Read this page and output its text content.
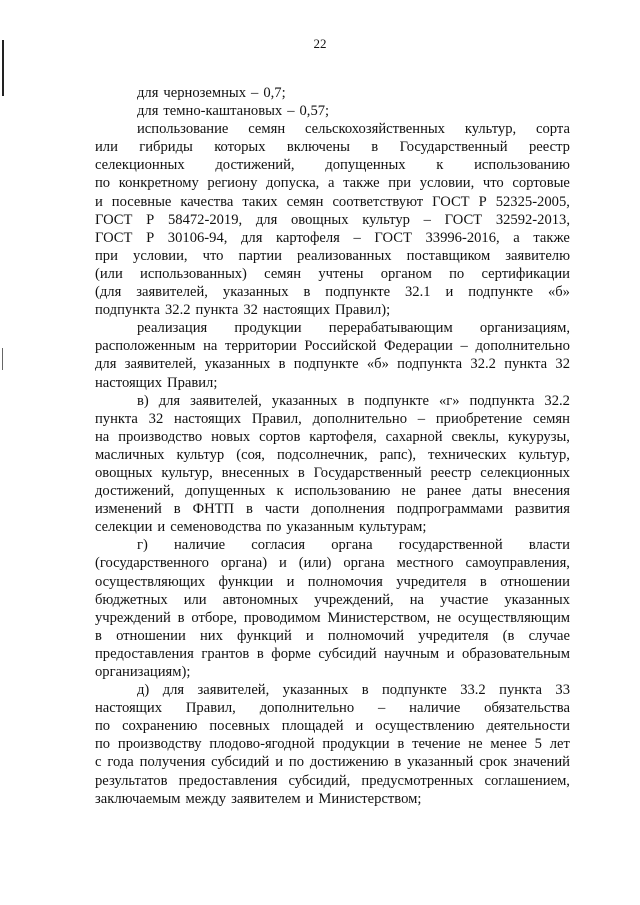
22
для черноземных – 0,7;
для темно-каштановых – 0,57;
использование семян сельскохозяйственных культур, сорта
или гибриды которых включены в Государственный реестр
селекционных достижений, допущенных к использованию
по конкретному региону допуска, а также при условии, что сортовые
и посевные качества таких семян соответствуют ГОСТ Р 52325-2005,
ГОСТ Р 58472-2019, для овощных культур – ГОСТ 32592-2013,
ГОСТ Р 30106-94, для картофеля – ГОСТ 33996-2016, а также
при условии, что партии реализованных поставщиком заявителю
(или использованных) семян учтены органом по сертификации
(для заявителей, указанных в подпункте 32.1 и подпункте «б»
подпункта 32.2 пункта 32 настоящих Правил);
реализация продукции перерабатывающим организациям,
расположенным на территории Российской Федерации – дополнительно
для заявителей, указанных в подпункте «б» подпункта 32.2 пункта 32
настоящих Правил;
в) для заявителей, указанных в подпункте «г» подпункта 32.2
пункта 32 настоящих Правил, дополнительно – приобретение семян
на производство новых сортов картофеля, сахарной свеклы, кукурузы,
масличных культур (соя, подсолнечник, рапс), технических культур,
овощных культур, внесенных в Государственный реестр селекционных
достижений, допущенных к использованию не ранее даты внесения
изменений в ФНТП в части дополнения подпрограммами развития
селекции и семеноводства по указанным культурам;
г) наличие согласия органа государственной власти
(государственного органа) и (или) органа местного самоуправления,
осуществляющих функции и полномочия учредителя в отношении
бюджетных или автономных учреждений, на участие указанных
учреждений в отборе, проводимом Министерством, не осуществляющим
в отношении них функций и полномочий учредителя (в случае
предоставления грантов в форме субсидий научным и образовательным
организациям);
д) для заявителей, указанных в подпункте 33.2 пункта 33
настоящих Правил, дополнительно – наличие обязательства
по сохранению посевных площадей и осуществлению деятельности
по производству плодово-ягодной продукции в течение не менее 5 лет
с года получения субсидий и по достижению в указанный срок значений
результатов предоставления субсидий, предусмотренных соглашением,
заключаемым между заявителем и Министерством;
